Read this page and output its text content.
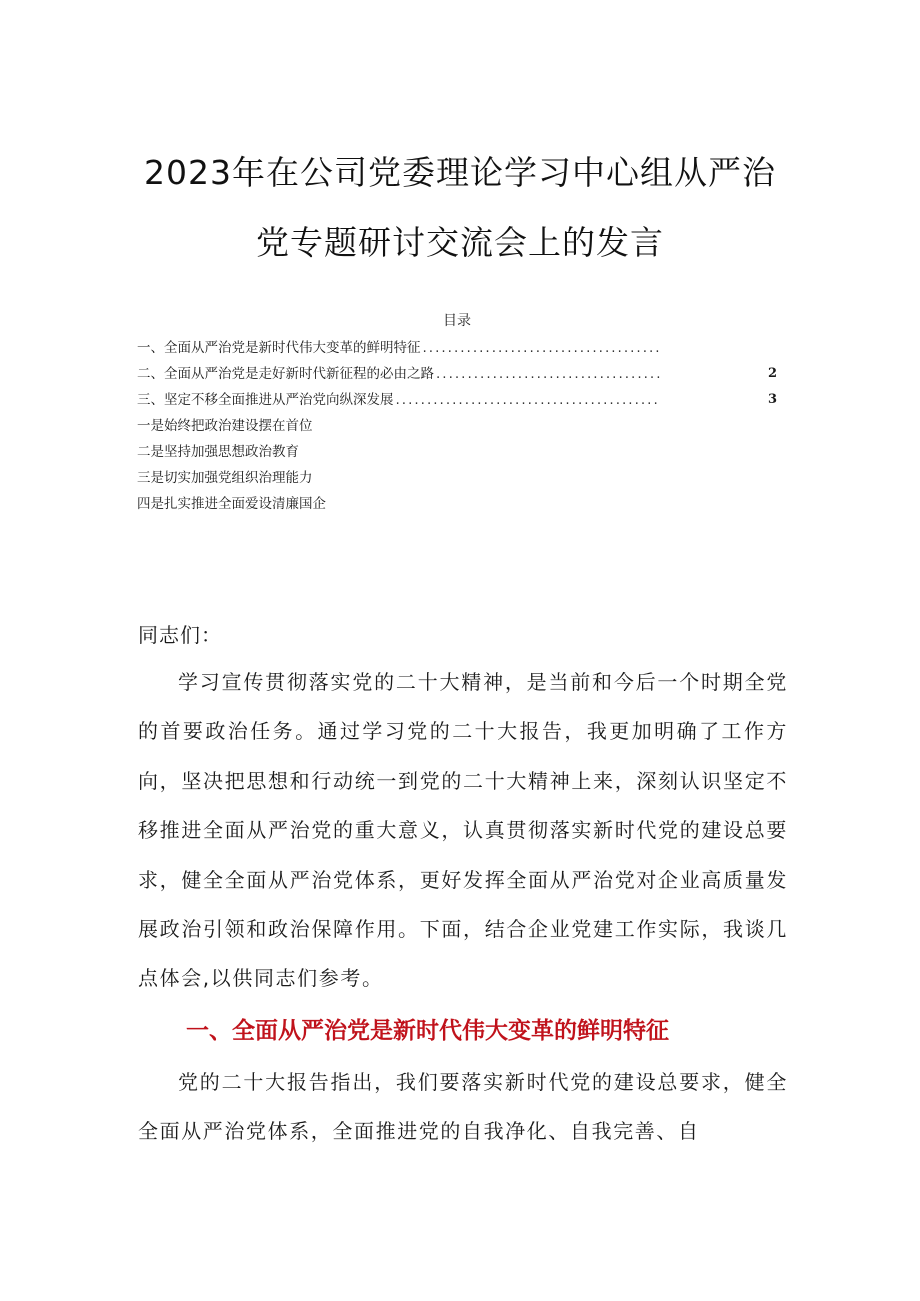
2023年在公司党委理论学习中心组从严治
党专题研讨交流会上的发言
目录
一、全面从严治党是新时代伟大变革的鲜明特征 ......................................
二、全面从严治党是走好新时代新征程的必由之路 ....................................	2
三、坚定不移全面推进从严治党向纵深发展 ..........................................	3
一是始终把政治建设摆在首位
二是坚持加强思想政治教育
三是切实加强党组织治理能力
四是扎实推进全面爱设清廉国企
同志们：

学习宣传贯彻落实党的二十大精神，是当前和今后一个时期全党的首要政治任务。通过学习党的二十大报告，我更加明确了工作方向，坚决把思想和行动统一到党的二十大精神上来，深刻认识坚定不移推进全面从严治党的重大意义，认真贯彻落实新时代党的建设总要求，健全全面从严治党体系，更好发挥全面从严治党对企业高质量发展政治引领和政治保障作用。下面，结合企业党建工作实际，我谈几点体会,以供同志们参考。

一、全面从严治党是新时代伟大变革的鲜明特征

党的二十大报告指出，我们要落实新时代党的建设总要求，健全全面从严治党体系，全面推进党的自我净化、自我完善、自
